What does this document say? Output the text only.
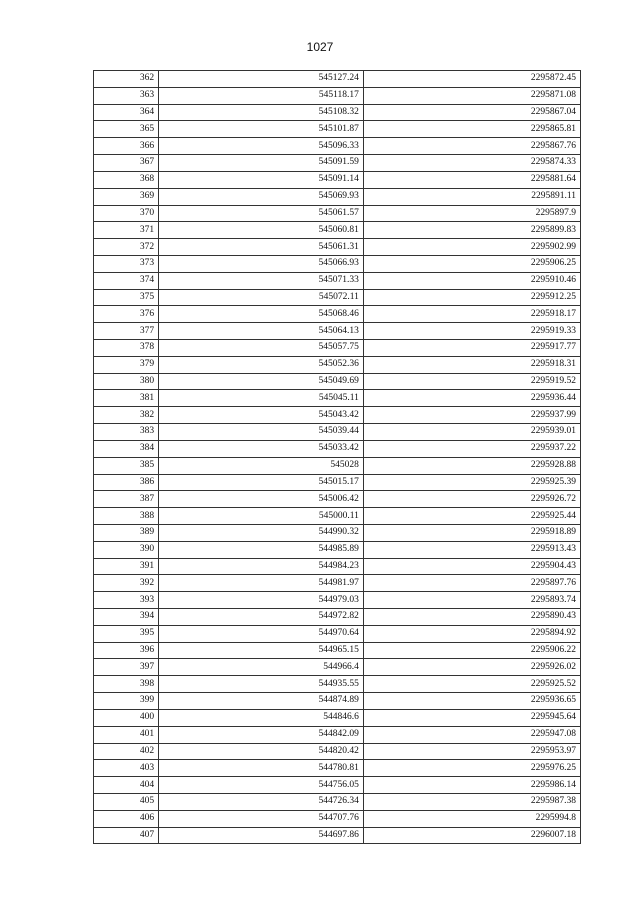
1027
362	545127.24	2295872.45
363	545118.17	2295871.08
364	545108.32	2295867.04
365	545101.87	2295865.81
366	545096.33	2295867.76
367	545091.59	2295874.33
368	545091.14	2295881.64
369	545069.93	2295891.11
370	545061.57	2295897.9
371	545060.81	2295899.83
372	545061.31	2295902.99
373	545066.93	2295906.25
374	545071.33	2295910.46
375	545072.11	2295912.25
376	545068.46	2295918.17
377	545064.13	2295919.33
378	545057.75	2295917.77
379	545052.36	2295918.31
380	545049.69	2295919.52
381	545045.11	2295936.44
382	545043.42	2295937.99
383	545039.44	2295939.01
384	545033.42	2295937.22
385	545028	2295928.88
386	545015.17	2295925.39
387	545006.42	2295926.72
388	545000.11	2295925.44
389	544990.32	2295918.89
390	544985.89	2295913.43
391	544984.23	2295904.43
392	544981.97	2295897.76
393	544979.03	2295893.74
394	544972.82	2295890.43
395	544970.64	2295894.92
396	544965.15	2295906.22
397	544966.4	2295926.02
398	544935.55	2295925.52
399	544874.89	2295936.65
400	544846.6	2295945.64
401	544842.09	2295947.08
402	544820.42	2295953.97
403	544780.81	2295976.25
404	544756.05	2295986.14
405	544726.34	2295987.38
406	544707.76	2295994.8
407	544697.86	2296007.18
